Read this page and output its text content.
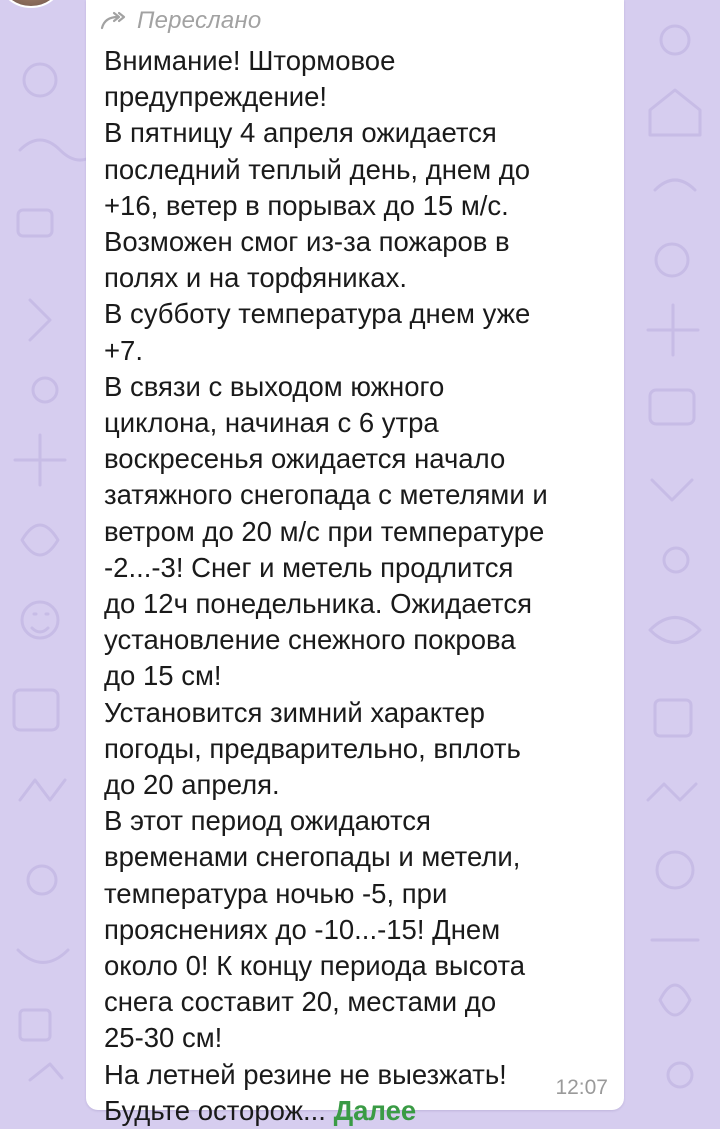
Переслано
Внимание! Штормовое
предупреждение!
В пятницу 4 апреля ожидается
последний теплый день, днем до
+16, ветер в порывах до 15 м/с.
Возможен смог из-за пожаров в
полях и на торфяниках.
В субботу температура днем уже
+7.
В связи с выходом южного
циклона, начиная с 6 утра
воскресенья ожидается начало
затяжного снегопада с метелями и
ветром до 20 м/с при температуре
-2...-3! Снег и метель продлится
до 12ч понедельника. Ожидается
установление снежного покрова
до 15 см!
Установится зимний характер
погоды, предварительно, вплоть
до 20 апреля.
В этот период ожидаются
временами снегопады и метели,
температура ночью -5, при
прояснениях до -10...-15! Днем
около 0! К концу периода высота
снега составит 20, местами до
25-30 см!
На летней резине не выезжать!
Будьте осторож... Далее
12:07
